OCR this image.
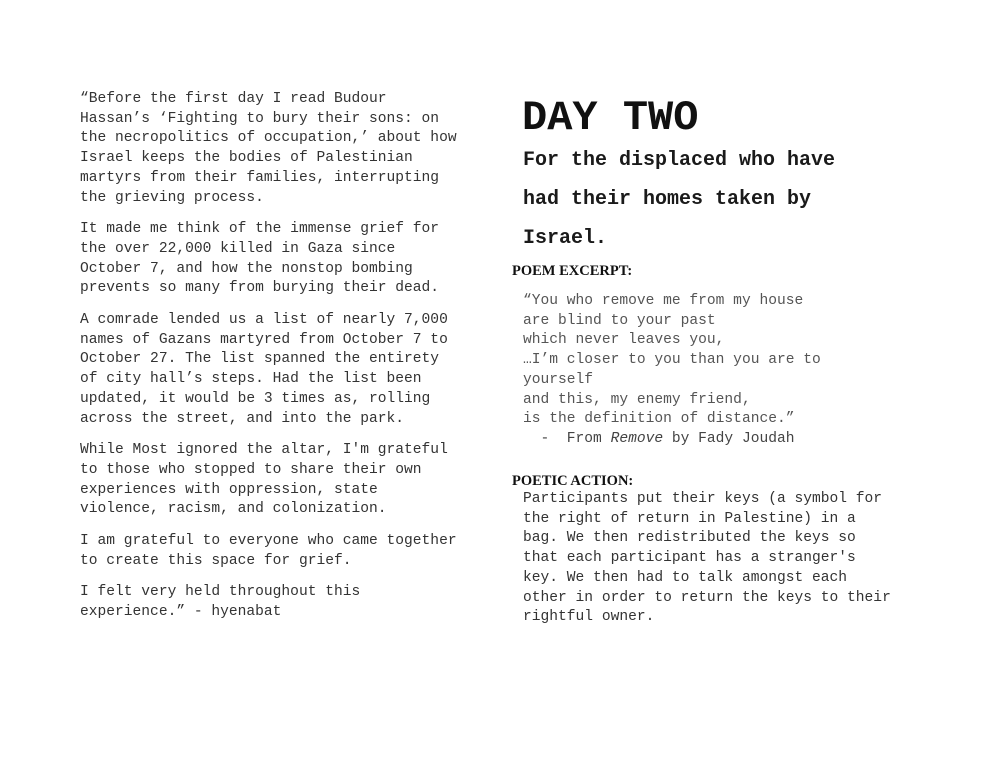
“Before the first day I read Budour
Hassan’s ‘Fighting to bury their sons: on
the necropolitics of occupation,’ about how
Israel keeps the bodies of Palestinian
martyrs from their families, interrupting
the grieving process.

It made me think of the immense grief for
the over 22,000 killed in Gaza since
October 7, and how the nonstop bombing
prevents so many from burying their dead.

A comrade lended us a list of nearly 7,000
names of Gazans martyred from October 7 to
October 27. The list spanned the entirety
of city hall’s steps. Had the list been
updated, it would be 3 times as, rolling
across the street, and into the park.

While Most ignored the altar, I'm grateful
to those who stopped to share their own
experiences with oppression, state
violence, racism, and colonization.

I am grateful to everyone who came together
to create this space for grief.

I felt very held throughout this
experience.” - hyenabat

DAY TWO
For the displaced who have
had their homes taken by
Israel.
POEM EXCERPT:
“You who remove me from my house
are blind to your past
which never leaves you,
…I’m closer to you than you are to
yourself
and this, my enemy friend,
is the definition of distance.”
-  From Remove by Fady Joudah
POETIC ACTION:

Participants put their keys (a symbol for
the right of return in Palestine) in a
bag. We then redistributed the keys so
that each participant has a stranger's
key. We then had to talk amongst each
other in order to return the keys to their
rightful owner.
